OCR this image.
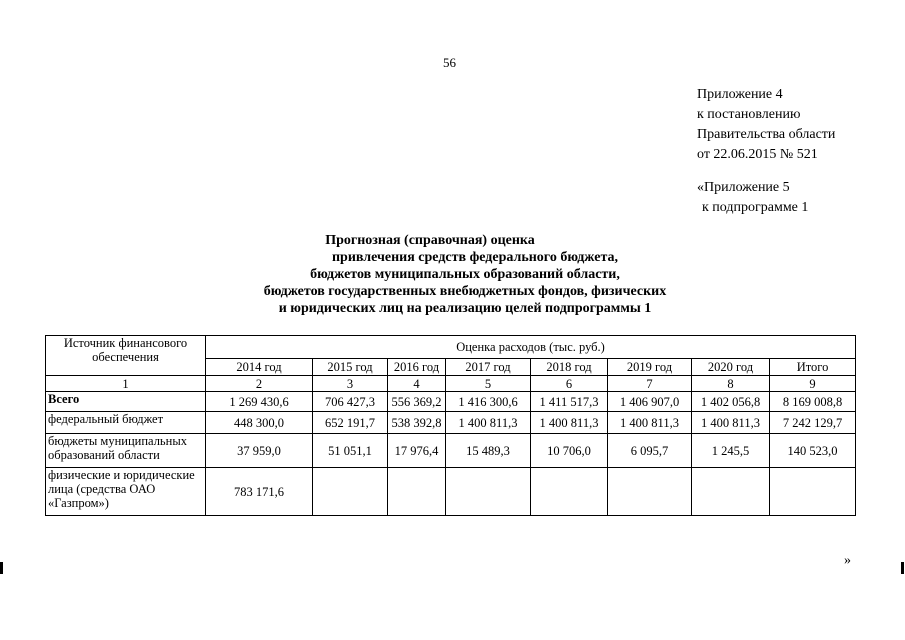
56
Приложение 4
к постановлению
Правительства области
от 22.06.2015 № 521
«Приложение 5
к подпрограмме 1
Прогнозная (справочная) оценка
привлечения средств федерального бюджета,
бюджетов муниципальных образований области,
бюджетов государственных внебюджетных фондов, физических
и юридических лиц на реализацию целей подпрограммы 1
Источник финансового обеспечения	Оценка расходов (тыс. руб.)							
	2014 год	2015 год	2016 год	2017 год	2018 год	2019 год	2020 год	Итого
1	2	3	4	5	6	7	8	9
Всего	1 269 430,6	706 427,3	556 369,2	1 416 300,6	1 411 517,3	1 406 907,0	1 402 056,8	8 169 008,8
федеральный бюджет	448 300,0	652 191,7	538 392,8	1 400 811,3	1 400 811,3	1 400 811,3	1 400 811,3	7 242 129,7
бюджеты муниципальных образований области	37 959,0	51 051,1	17 976,4	15 489,3	10 706,0	6 095,7	1 245,5	140 523,0
физические и юридические лица (средства ОАО «Газпром»)	783 171,6							
»
